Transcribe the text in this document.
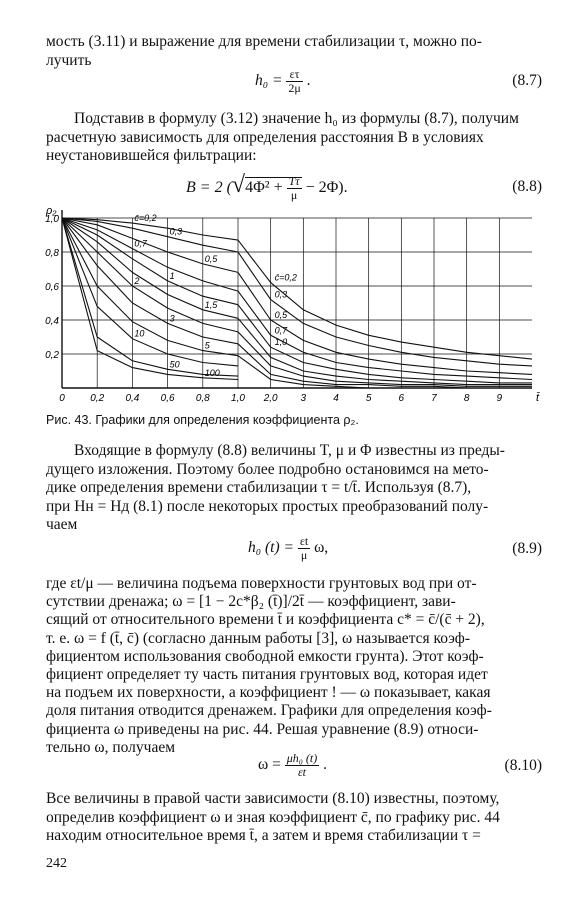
мость (3.11) и выражение для времени стабилизации τ, можно по-
лучить
$h_0 = \frac{\varepsilon\tau}{2\mu}$ .	(8.7)
Подставив в формулу (3.12) значение h₀ из формулы (8.7), получим
расчетную зависимость для определения расстояния B в условиях
неустановившейся фильтрации:
B = 2 $(√4\Phi^2 + \frac{T\tau}{\mu} - 2\Phi)$.	(8.8)
1,0
0,8
0,6
0,4
0,2
0	0,2 0,4 0,6 0,8 1,0 2,0 3	4	5	6	7	8	9
ρ₂
t̄
c̄=0,2
0,3
0,5
0,7
1
1,5
2
3
5
10
50
100
c̄=0,2
0,3
0,5
0,7
1,0
Рис. 43. Графики для определения коэффициента ρ₂.
Входящие в формулу (8.8) величины T, μ и Φ известны из преды-
дущего изложения. Поэтому более подробно остановимся на мето-
дике определения времени стабилизации τ = t/t̄. Используя (8.7),
при Hн = Hд (8.1) после некоторых простых преобразований полу-
чаем
h₀ $(t) = \frac{\varepsilon t}{\mu} \omega$,	(8.9)
где εt/μ — величина подъема поверхности грунтовых вод при от-
сутствии дренажа; ω = [1 − 2c*β₂ (t̄)]/2t̄ — коэффициент, зави-
сящий от относительного времени t̄ и коэффициента c* = c̄/(c̄ + 2),
т. е. ω = f (t̄, c̄) (согласно данным работы [3], ω называется коэф-
фициентом использования свободной емкости грунта). Этот коэф-
фициент определяет ту часть питания грунтовых вод, которая идет
на подъем их поверхности, а коэффициент ! — ω показывает, какая
доля питания отводится дренажем. Графики для определения коэф-
фициента ω приведены на рис. 44. Решая уравнение (8.9) относи-
тельно ω, получаем
$\omega = \frac{\text{μh₀ (t)}}{\varepsilon t}$ .	(8.10)
Все величины в правой части зависимости (8.10) известны, поэтому,
определив коэффициент ω и зная коэффициент c̄, по графику рис. 44
находим относительное время t̄, а затем и время стабилизации τ =
242
